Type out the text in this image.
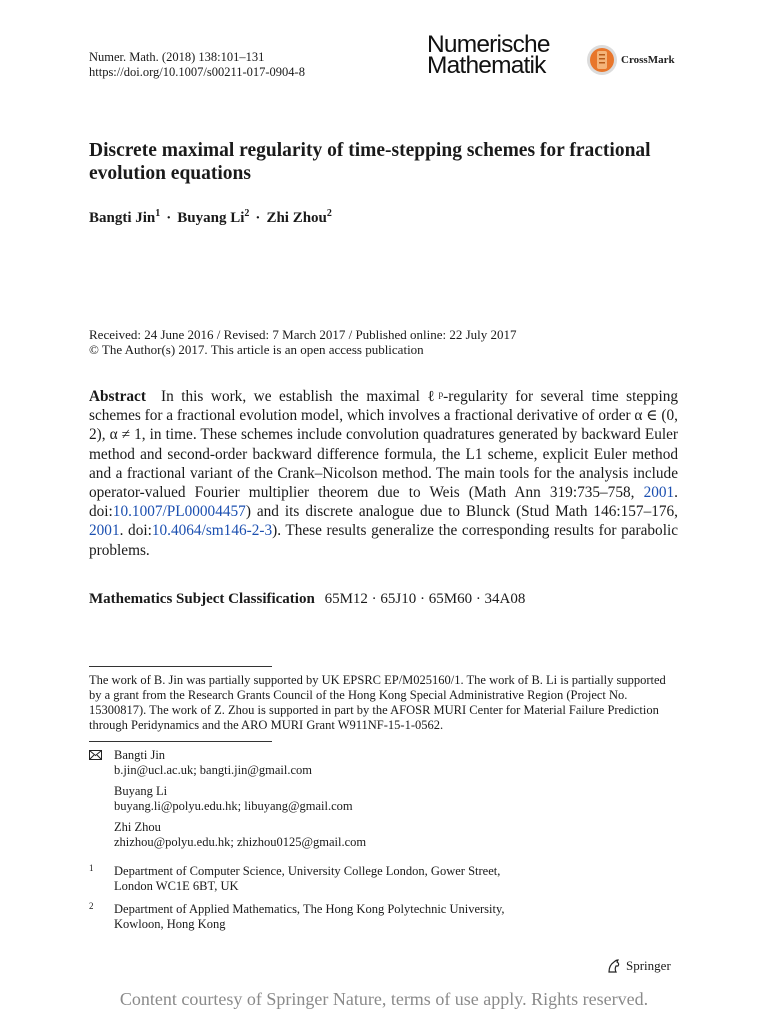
Numer. Math. (2018) 138:101–131
https://doi.org/10.1007/s00211-017-0904-8
Numerische
Mathematik	CrossMark
Discrete maximal regularity of time-stepping schemes for fractional evolution equations
Bangti Jin$^1$ · Buyang $Li^2$ · Zhi Zhou$^2$
Received: 24 June 2016 / Revised: 7 March 2017 / Published online: 22 July 2017
© The Author(s) 2017. This article is an open access publication
Abstract In this work, we establish the maximal ℓᵖ-regularity for several time stepping schemes for a fractional evolution model, which involves a fractional derivative of order α ∈ (0, 2), α ≠ 1, in time. These schemes include convolution quadratures generated by backward Euler method and second-order backward difference formula, the L1 scheme, explicit Euler method and a fractional variant of the Crank–Nicolson method. The main tools for the analysis include operator-valued Fourier multiplier theorem due to Weis (Math Ann 319:735–758, 2001. doi:10.1007/PL00004457) and its discrete analogue due to Blunck (Stud Math 146:157–176, 2001. doi:10.4064/sm146-2-3). These results generalize the corresponding results for parabolic problems.
Mathematics Subject Classification 65M12 · 65J10 · 65M60 · 34A08
The work of B. Jin was partially supported by UK EPSRC EP/M025160/1. The work of B. Li is partially supported by a grant from the Research Grants Council of the Hong Kong Special Administrative Region (Project No. 15300817). The work of Z. Zhou is supported in part by the AFOSR MURI Center for Material Failure Prediction through Peridynamics and the ARO MURI Grant W911NF-15-1-0562.
Bangti Jin
b.jin@ucl.ac.uk; bangti.jin@gmail.com
Buyang Li
buyang.li@polyu.edu.hk; libuyang@gmail.com
Zhi Zhou
zhizhou@polyu.edu.hk; zhizhou0125@gmail.com
1 Department of Computer Science, University College London, Gower Street,
London WC1E 6BT, UK
2 Department of Applied Mathematics, The Hong Kong Polytechnic University,
Kowloon, Hong Kong
Springer
Content courtesy of Springer Nature, terms of use apply. Rights reserved.
